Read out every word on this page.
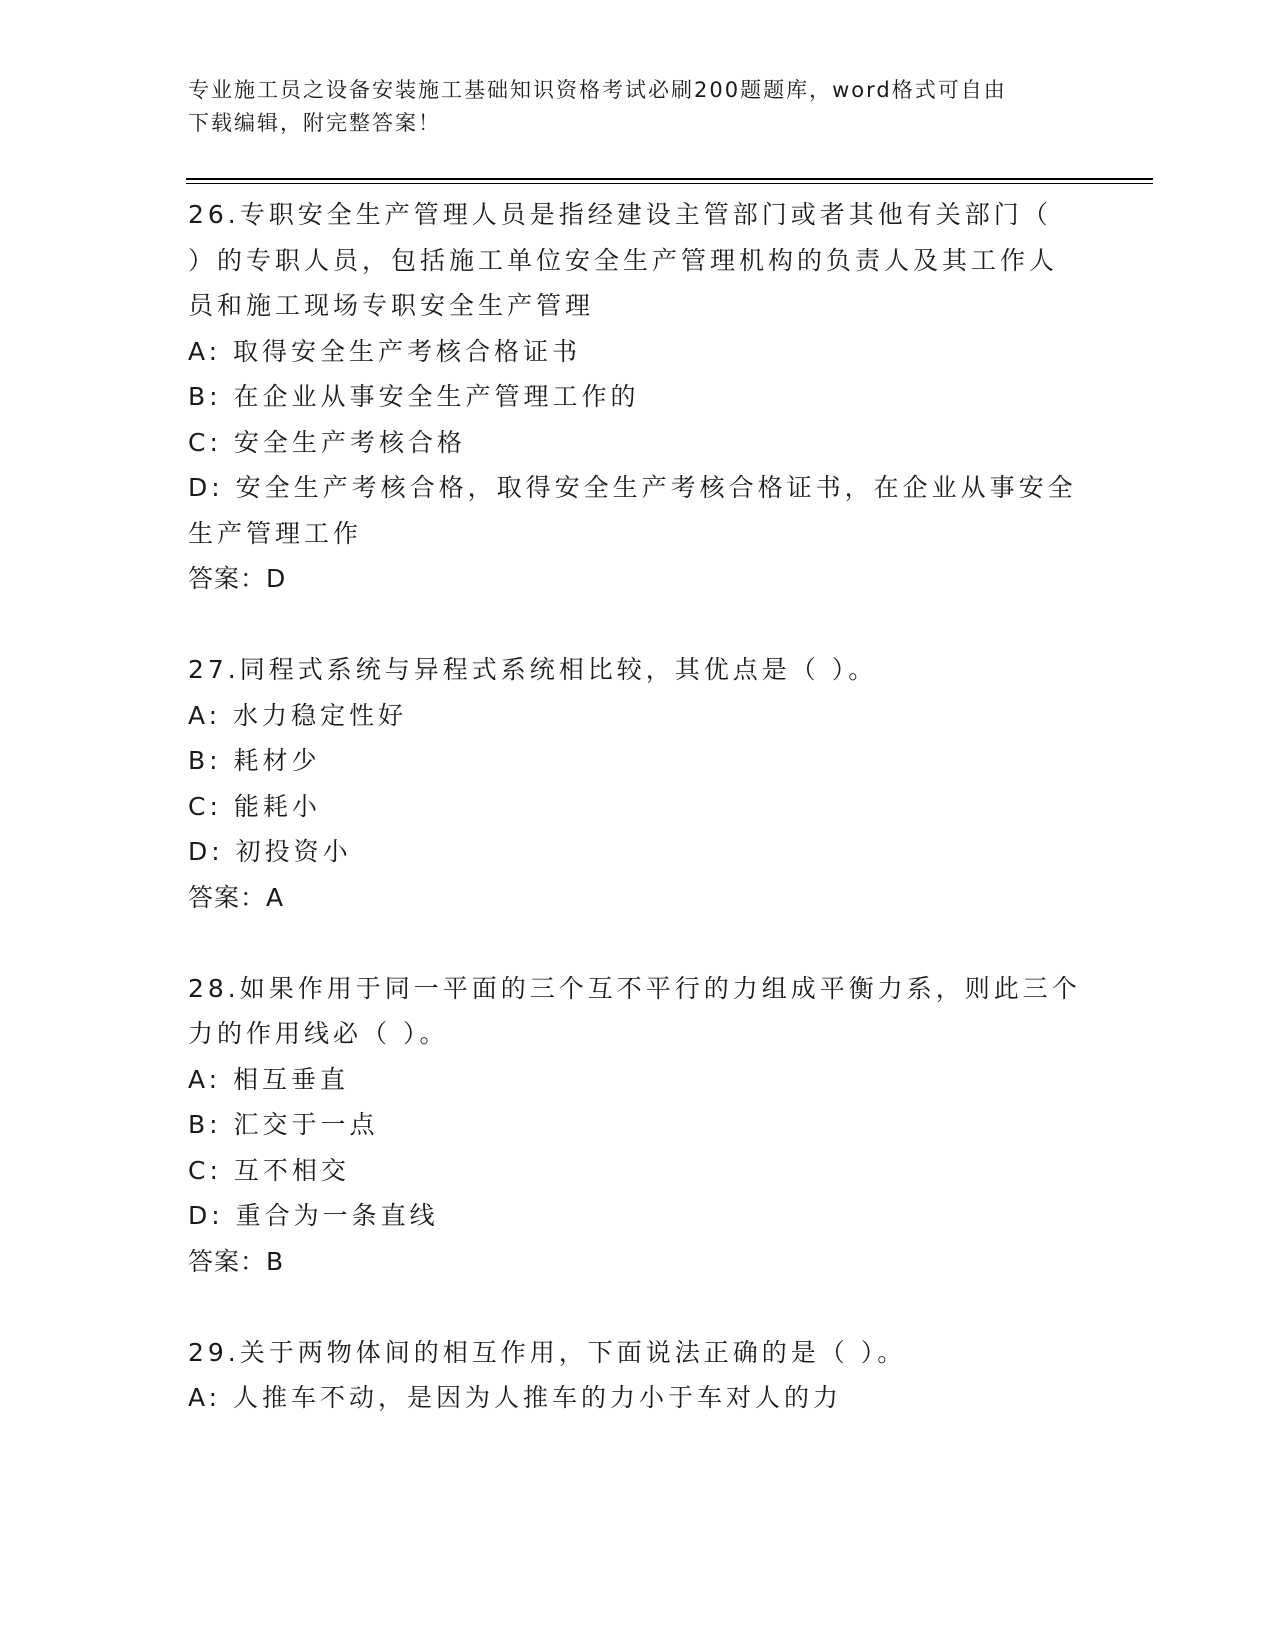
专业施工员之设备安装施工基础知识资格考试必刷200题题库，word格式可自由
下载编辑，附完整答案！
26.专职安全生产管理人员是指经建设主管部门或者其他有关部门（
）的专职人员，包括施工单位安全生产管理机构的负责人及其工作人
员和施工现场专职安全生产管理
A: 取得安全生产考核合格证书
B: 在企业从事安全生产管理工作的
C: 安全生产考核合格
D: 安全生产考核合格，取得安全生产考核合格证书，在企业从事安全
生产管理工作
答案：D
27.同程式系统与异程式系统相比较，其优点是（ ）。
A: 水力稳定性好
B: 耗材少
C: 能耗小
D: 初投资小
答案：A
28.如果作用于同一平面的三个互不平行的力组成平衡力系，则此三个
力的作用线必（ ）。
A: 相互垂直
B: 汇交于一点
C: 互不相交
D: 重合为一条直线
答案：B
29.关于两物体间的相互作用，下面说法正确的是（ ）。
A: 人推车不动，是因为人推车的力小于车对人的力
